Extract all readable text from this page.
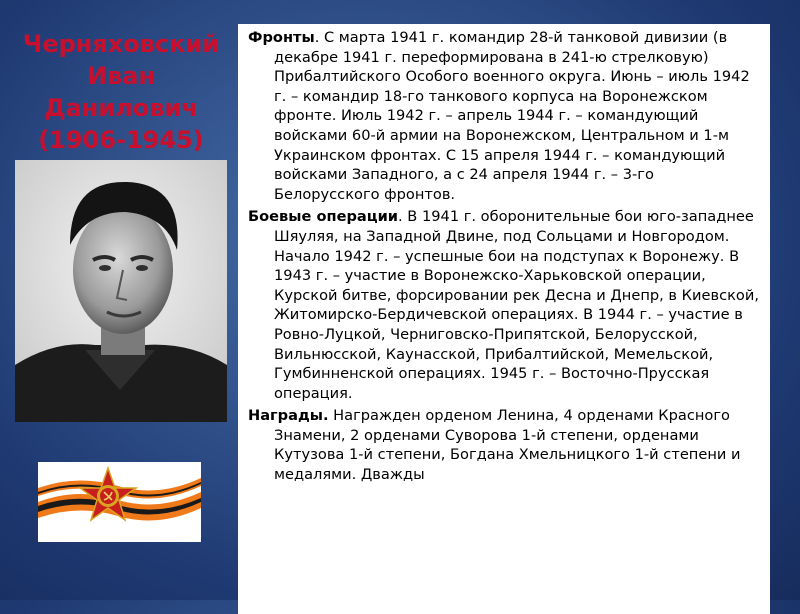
Черняховский Иван Данилович
(1906-1945)

Фронты. С марта 1941 г. командир 28-й танковой дивизии (в декабре 1941 г. переформирована в 241-ю стрелковую) Прибалтийского Особого военного округа. Июнь – июль 1942 г. – командир 18-го танкового корпуса на Воронежском фронте. Июль 1942 г. – апрель 1944 г. – командующий войсками 60-й армии на Воронежском, Центральном и 1-м Украинском фронтах. С 15 апреля 1944 г. – командующий войсками Западного, а с 24 апреля 1944 г. – 3-го Белорусского фронтов.

Боевые операции. В 1941 г. оборонительные бои юго-западнее Шяуляя, на Западной Двине, под Сольцами и Новгородом. Начало 1942 г. – успешные бои на подступах к Воронежу. В 1943 г. – участие в Воронежско-Харьковской операции, Курской битве, форсировании рек Десна и Днепр, в Киевской, Житомирско-Бердичевской операциях. В 1944 г. – участие в Ровно-Луцкой, Черниговско-Припятской, Белорусской, Вильнюсской, Каунасской, Прибалтийской, Мемельской, Гумбинненской операциях. 1945 г. – Восточно-Прусская операция.

Награды. Награжден орденом Ленина, 4 орденами Красного Знамени, 2 орденами Суворова 1-й степени, орденами Кутузова 1-й степени, Богдана Хмельницкого 1-й степени и медалями. Дважды
